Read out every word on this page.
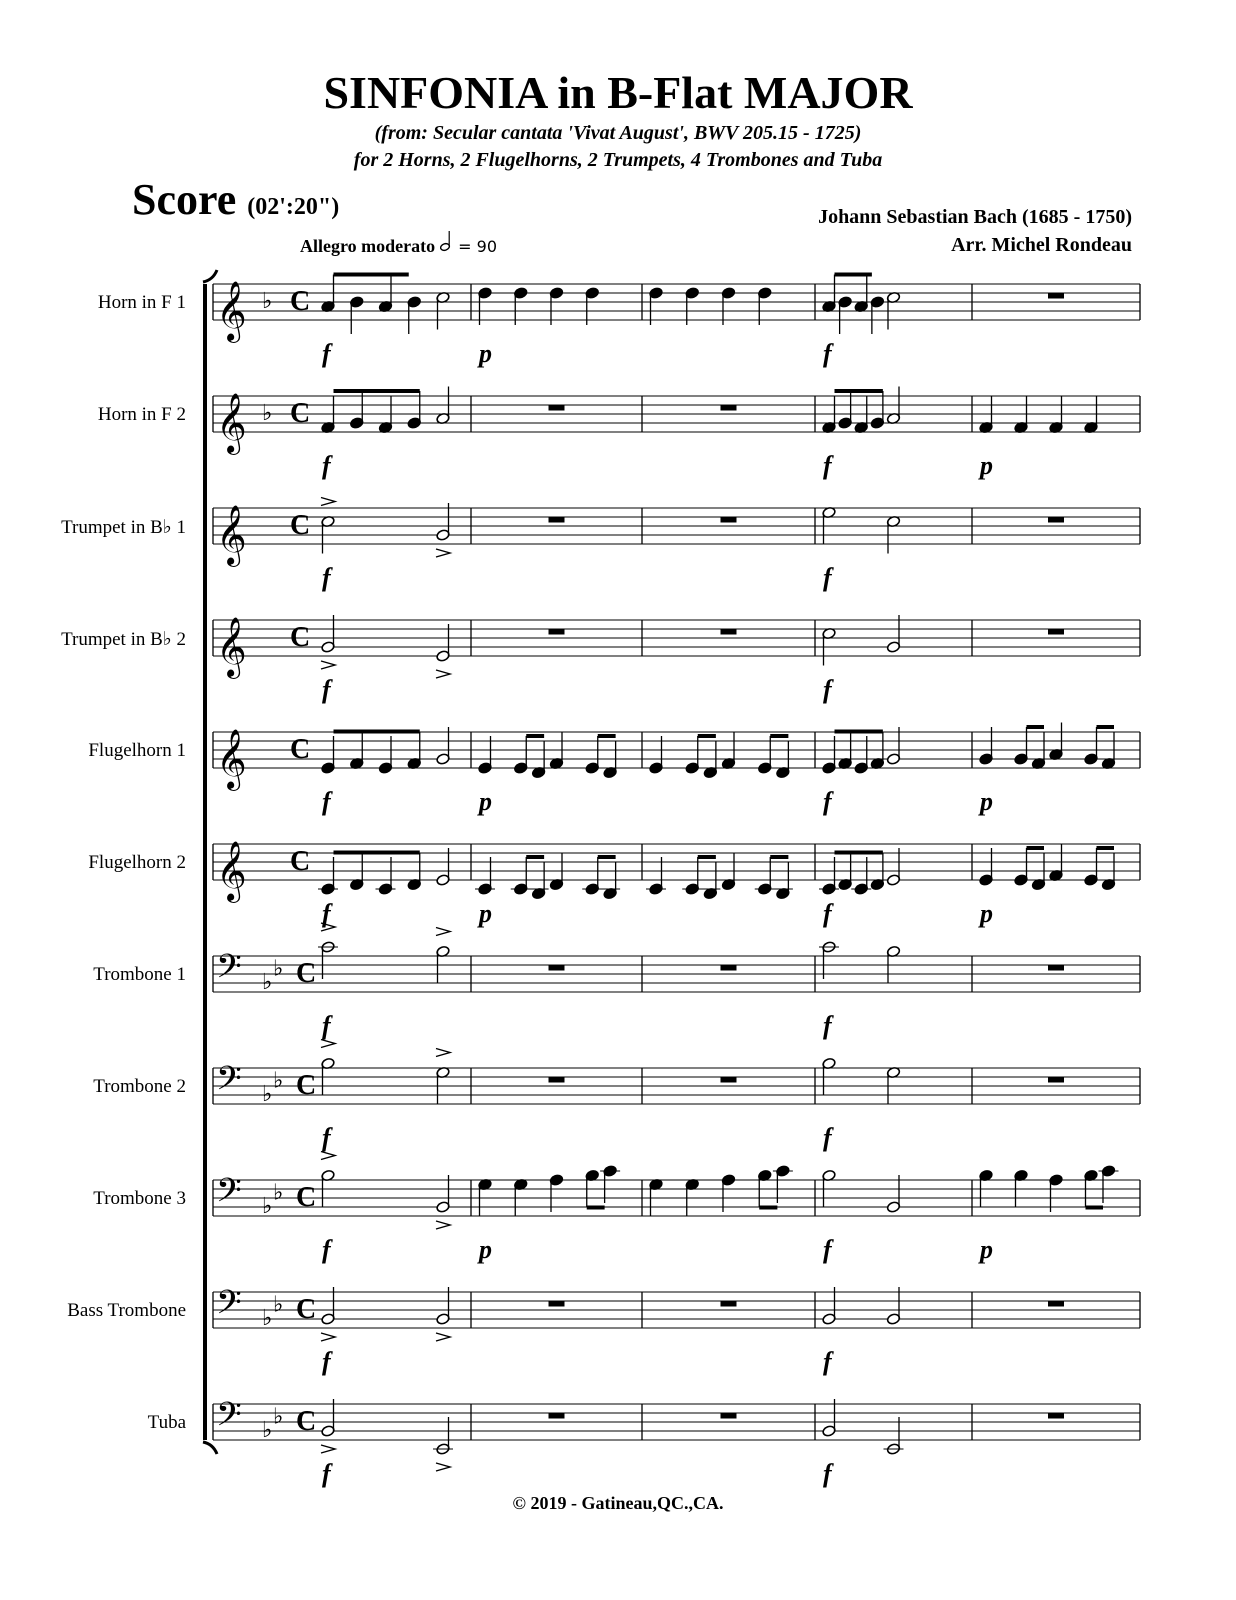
SINFONIA in B-Flat MAJOR
(from: Secular cantata 'Vivat August', BWV 205.15 - 1725)
for 2 Horns, 2 Flugelhorns, 2 Trumpets, 4 Trombones and Tuba
Score (02':20")	Johann Sebastian Bach (1685 - 1750)
Arr. Michel Rondeau
Allegro moderato = 90
Horn in F 1
Horn in F 2
Trumpet in B♭ 1
Trumpet in B♭ 2
Flugelhorn 1
Flugelhorn 2
Trombone 1
Trombone 2
Trombone 3
Bass Trombone
Tuba
𝄞 ♭ C
f	p	f
𝄞 ♭ C
f	f	p
𝄞 C
f	f
𝄞 C
f	f
𝄞 C
f	p	f	p
𝄞 C
f	p	f	p
𝄢 ♭
♭ C
f	f
𝄢 ♭
♭ C
f	f
𝄢 ♭
♭ C
f	p	f	p
𝄢 ♭
♭ C
f	f
𝄢 ♭
♭ C
f	f
© 2019 - Gatineau,QC.,CA.
